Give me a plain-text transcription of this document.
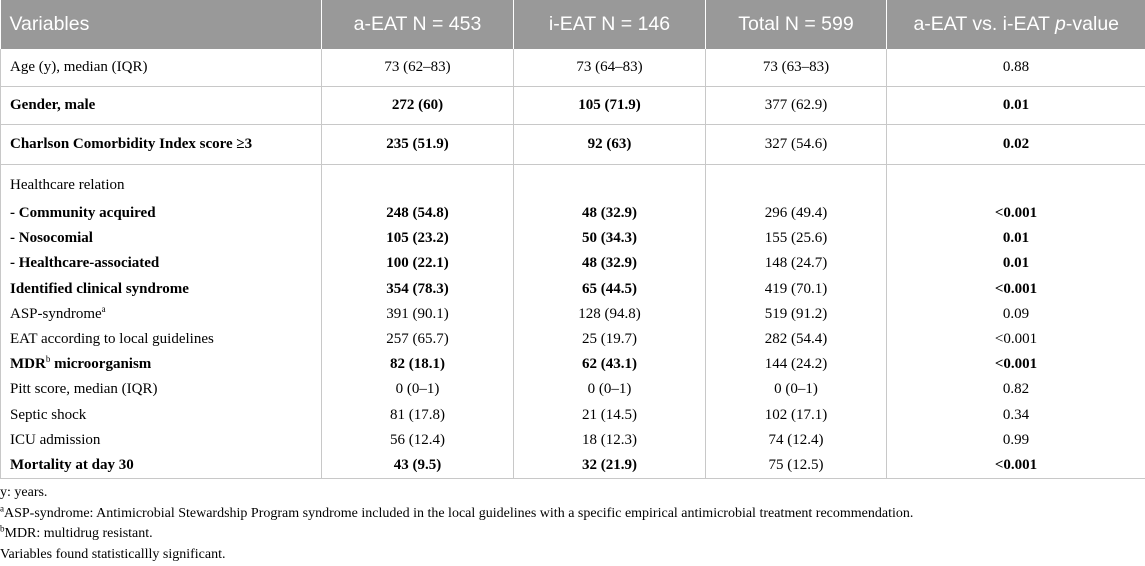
Variables	a-EAT N = 453	i-EAT N = 146	Total N = 599	a-EAT vs. i-EAT p-value
Age (y), median (IQR)	73 (62–83)	73 (64–83)	73 (63–83)	0.88
Gender, male	272 (60)	105 (71.9)	377 (62.9)	0.01
Charlson Comorbidity Index score ≥3	235 (51.9)	92 (63)	327 (54.6)	0.02
Healthcare relation				
- Community acquired	248 (54.8)	48 (32.9)	296 (49.4)	<0.001
- Nosocomial	105 (23.2)	50 (34.3)	155 (25.6)	0.01
- Healthcare-associated	100 (22.1)	48 (32.9)	148 (24.7)	0.01
Identified clinical syndrome	354 (78.3)	65 (44.5)	419 (70.1)	<0.001
ASP-syndrome$^a$	391 (90.1)	128 (94.8)	519 (91.2)	0.09
EAT according to local guidelines	257 (65.7)	25 (19.7)	282 (54.4)	<0.001
MDR$^b$ microorganism	82 (18.1)	62 (43.1)	144 (24.2)	<0.001
Pitt score, median (IQR)	0 (0–1)	0 (0–1)	0 (0–1)	0.82
Septic shock	81 (17.8)	21 (14.5)	102 (17.1)	0.34
ICU admission	56 (12.4)	18 (12.3)	74 (12.4)	0.99
Mortality at day 30	43 (9.5)	32 (21.9)	75 (12.5)	<0.001
y: years.
$^a$ASP-syndrome: Antimicrobial Stewardship Program syndrome included in the local guidelines with a specific empirical antimicrobial treatment recommendation.
$^b$MDR: multidrug resistant.
Variables found statisticallly significant.
